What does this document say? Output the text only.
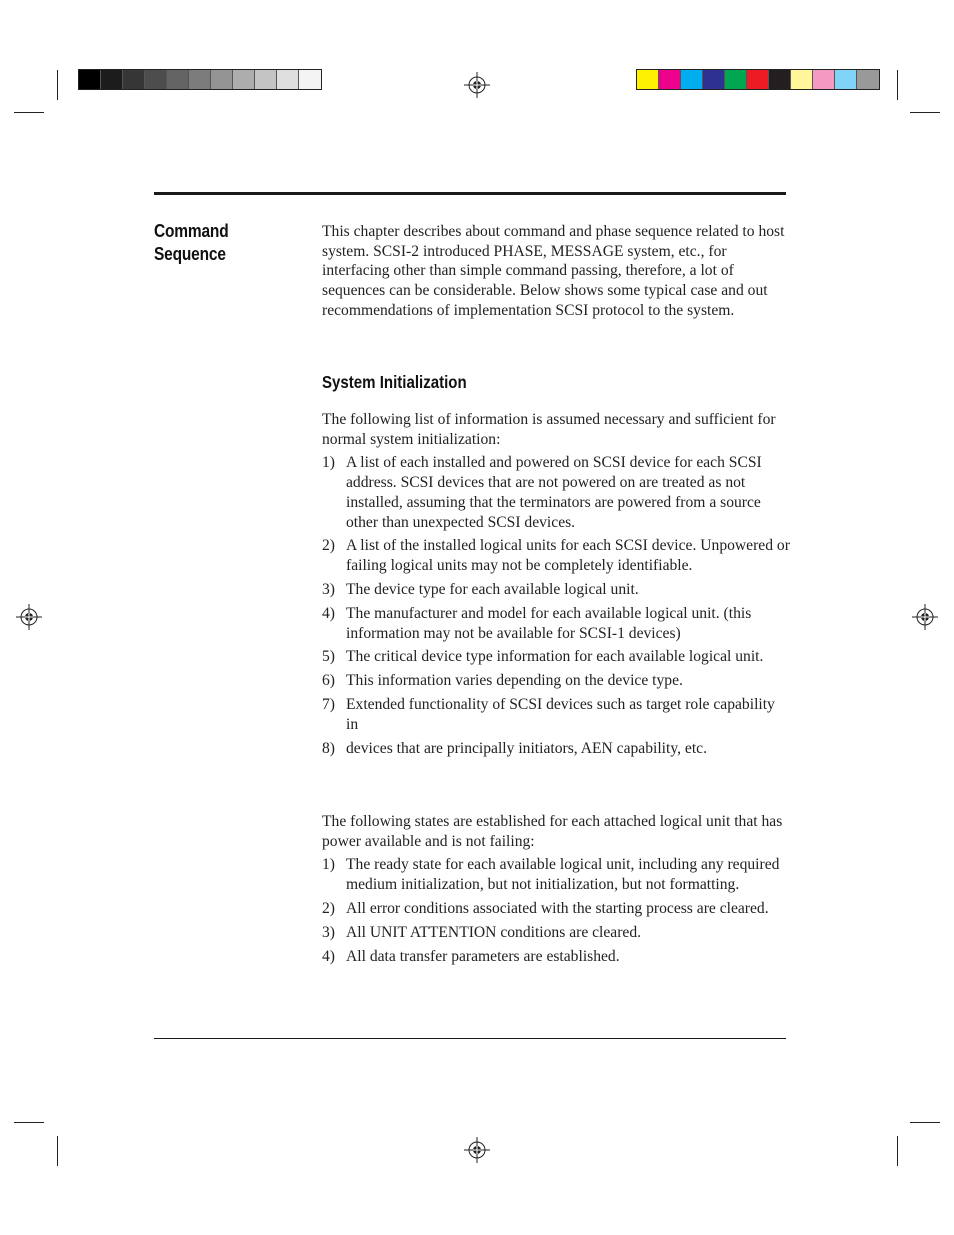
Command
Sequence

This chapter describes about command and phase sequence related to host system. SCSI-2 introduced PHASE, MESSAGE system, etc., for interfacing other than simple command passing, therefore, a lot of sequences can be considerable. Below shows some typical case and out recommendations of implementation SCSI protocol to the system.

System Initialization

The following list of information is assumed necessary and sufficient for normal system initialization:

1) A list of each installed and powered on SCSI device for each SCSI address. SCSI devices that are not powered on are treated as not installed, assuming that the terminators are powered from a source other than unexpected SCSI devices.
2) A list of the installed logical units for each SCSI device. Unpowered or failing logical units may not be completely identifiable.
3) The device type for each available logical unit.
4) The manufacturer and model for each available logical unit. (this information may not be available for SCSI-1 devices)
5) The critical device type information for each available logical unit.
6) This information varies depending on the device type.
7) Extended functionality of SCSI devices such as target role capability in
8) devices that are principally initiators, AEN capability, etc.

The following states are established for each attached logical unit that has power available and is not failing:

1) The ready state for each available logical unit, including any required medium initialization, but not initialization, but not formatting.
2) All error conditions associated with the starting process are cleared.
3) All UNIT ATTENTION conditions are cleared.
4) All data transfer parameters are established.
